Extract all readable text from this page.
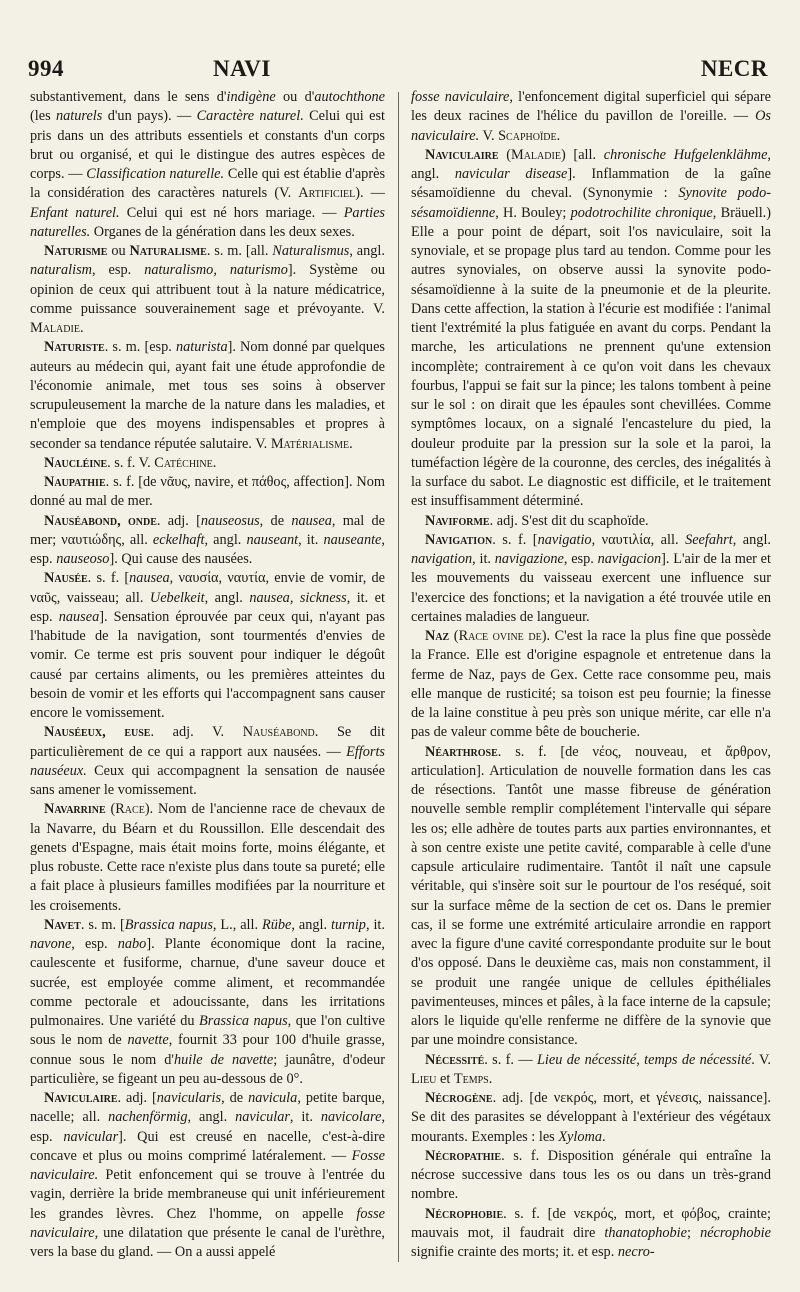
994	NAVI	NECR

substantivement, dans le sens d'indigène ou d'autochthone (les naturels d'un pays). — Caractère naturel. Celui qui est pris dans un des attributs essentiels et constants d'un corps brut ou organisé, et qui le distingue des autres espèces de corps. — Classification naturelle. Celle qui est établie d'après la considération des caractères naturels (V. Artificiel). — Enfant naturel. Celui qui est né hors mariage. — Parties naturelles. Organes de la génération dans les deux sexes.

Naturisme ou Naturalisme. s. m. [all. Naturalismus, angl. naturalism, esp. naturalismo, naturismo]. Système ou opinion de ceux qui attribuent tout à la nature médicatrice, comme puissance souverainement sage et prévoyante. V. Maladie.

Naturiste. s. m. [esp. naturista]. Nom donné par quelques auteurs au médecin qui, ayant fait une étude approfondie de l'économie animale, met tous ses soins à observer scrupuleusement la marche de la nature dans les maladies, et n'emploie que des moyens indispensables et propres à seconder sa tendance réputée salutaire. V. Matérialisme.

Naucléine. s. f. V. Catéchine.

Naupathie. s. f. [de νᾶυς, navire, et πάθος, affection]. Nom donné au mal de mer.

Nauséabond, onde. adj. [nauseosus, de nausea, mal de mer; ναυτιώδης, all. eckelhaft, angl. nauseant, it. nauseante, esp. nauseoso]. Qui cause des nausées.

Nausée. s. f. [nausea, ναυσία, ναυτία, envie de vomir, de ναῦς, vaisseau; all. Uebelkeit, angl. nausea, sickness, it. et esp. nausea]. Sensation éprouvée par ceux qui, n'ayant pas l'habitude de la navigation, sont tourmentés d'envies de vomir. Ce terme est pris souvent pour indiquer le dégoût causé par certains aliments, ou les premières atteintes du besoin de vomir et les efforts qui l'accompagnent sans causer encore le vomissement.

Nauséeux, euse. adj. V. Nauséabond. Se dit particulièrement de ce qui a rapport aux nausées. — Efforts nauséeux. Ceux qui accompagnent la sensation de nausée sans amener le vomissement.

Navarrine (Race). Nom de l'ancienne race de chevaux de la Navarre, du Béarn et du Roussillon. Elle descendait des genets d'Espagne, mais était moins forte, moins élégante, et plus robuste. Cette race n'existe plus dans toute sa pureté; elle a fait place à plusieurs familles modifiées par la nourriture et les croisements.

Navet. s. m. [Brassica napus, L., all. Rübe, angl. turnip, it. navone, esp. nabo]. Plante économique dont la racine, caulescente et fusiforme, charnue, d'une saveur douce et sucrée, est employée comme aliment, et recommandée comme pectorale et adoucissante, dans les irritations pulmonaires. Une variété du Brassica napus, que l'on cultive sous le nom de navette, fournit 33 pour 100 d'huile grasse, connue sous le nom d'huile de navette; jaunâtre, d'odeur particulière, se figeant un peu au-dessous de 0°.

Naviculaire. adj. [navicularis, de navicula, petite barque, nacelle; all. nachenförmig, angl. navicular, it. navicolare, esp. navicular]. Qui est creusé en nacelle, c'est-à-dire concave et plus ou moins comprimé latéralement. — Fosse naviculaire. Petit enfoncement qui se trouve à l'entrée du vagin, derrière la bride membraneuse qui unit inférieurement les grandes lèvres. Chez l'homme, on appelle fosse naviculaire, une dilatation que présente le canal de l'urèthre, vers la base du gland. — On a aussi appelé

fosse naviculaire, l'enfoncement digital superficiel qui sépare les deux racines de l'hélice du pavillon de l'oreille. — Os naviculaire. V. Scaphoïde.

Naviculaire (Maladie) [all. chronische Hufgelenklähme, angl. navicular disease]. Inflammation de la gaîne sésamoïdienne du cheval. (Synonymie : Synovite podo-sésamoïdienne, H. Bouley; podotrochilite chronique, Bräuell.) Elle a pour point de départ, soit l'os naviculaire, soit la synoviale, et se propage plus tard au tendon. Comme pour les autres synoviales, on observe aussi la synovite podo-sésamoïdienne à la suite de la pneumonie et de la pleurite. Dans cette affection, la station à l'écurie est modifiée : l'animal tient l'extrémité la plus fatiguée en avant du corps. Pendant la marche, les articulations ne prennent qu'une extension incomplète; contrairement à ce qu'on voit dans les chevaux fourbus, l'appui se fait sur la pince; les talons tombent à peine sur le sol : on dirait que les épaules sont chevillées. Comme symptômes locaux, on a signalé l'encastelure du pied, la douleur produite par la pression sur la sole et la paroi, la tuméfaction légère de la couronne, des cercles, des inégalités à la surface du sabot. Le diagnostic est difficile, et le traitement est insuffisamment déterminé.

Naviforme. adj. S'est dit du scaphoïde.

Navigation. s. f. [navigatio, ναυτιλία, all. Seefahrt, angl. navigation, it. navigazione, esp. navigacion]. L'air de la mer et les mouvements du vaisseau exercent une influence sur l'exercice des fonctions; et la navigation a été trouvée utile en certaines maladies de langueur.

Naz (Race ovine de). C'est la race la plus fine que possède la France. Elle est d'origine espagnole et entretenue dans la ferme de Naz, pays de Gex. Cette race consomme peu, mais elle manque de rusticité; sa toison est peu fournie; la finesse de la laine constitue à peu près son unique mérite, car elle n'a pas de valeur comme bête de boucherie.

Néarthrose. s. f. [de νέος, nouveau, et ἄρθρον, articulation]. Articulation de nouvelle formation dans les cas de résections. Tantôt une masse fibreuse de génération nouvelle semble remplir complétement l'intervalle qui sépare les os; elle adhère de toutes parts aux parties environnantes, et à son centre existe une petite cavité, comparable à celle d'une capsule articulaire rudimentaire. Tantôt il naît une capsule véritable, qui s'insère soit sur le pourtour de l'os reséqué, soit sur la surface même de la section de cet os. Dans le premier cas, il se forme une extrémité articulaire arrondie en rapport avec la figure d'une cavité correspondante produite sur le bout d'os opposé. Dans le deuxième cas, mais non constamment, il se produit une rangée unique de cellules épithéliales pavimenteuses, minces et pâles, à la face interne de la capsule; alors le liquide qu'elle renferme ne diffère de la synovie que par une moindre consistance.

Nécessité. s. f. — Lieu de nécessité, temps de nécessité. V. Lieu et Temps.

Nécrogène. adj. [de νεκρός, mort, et γένεσις, naissance]. Se dit des parasites se développant à l'extérieur des végétaux mourants. Exemples : les Xyloma.

Nécropathie. s. f. Disposition générale qui entraîne la nécrose successive dans tous les os ou dans un très-grand nombre.

Nécrophobie. s. f. [de νεκρός, mort, et φόβος, crainte; mauvais mot, il faudrait dire thanatophobie; nécrophobie signifie crainte des morts; it. et esp. necro-
